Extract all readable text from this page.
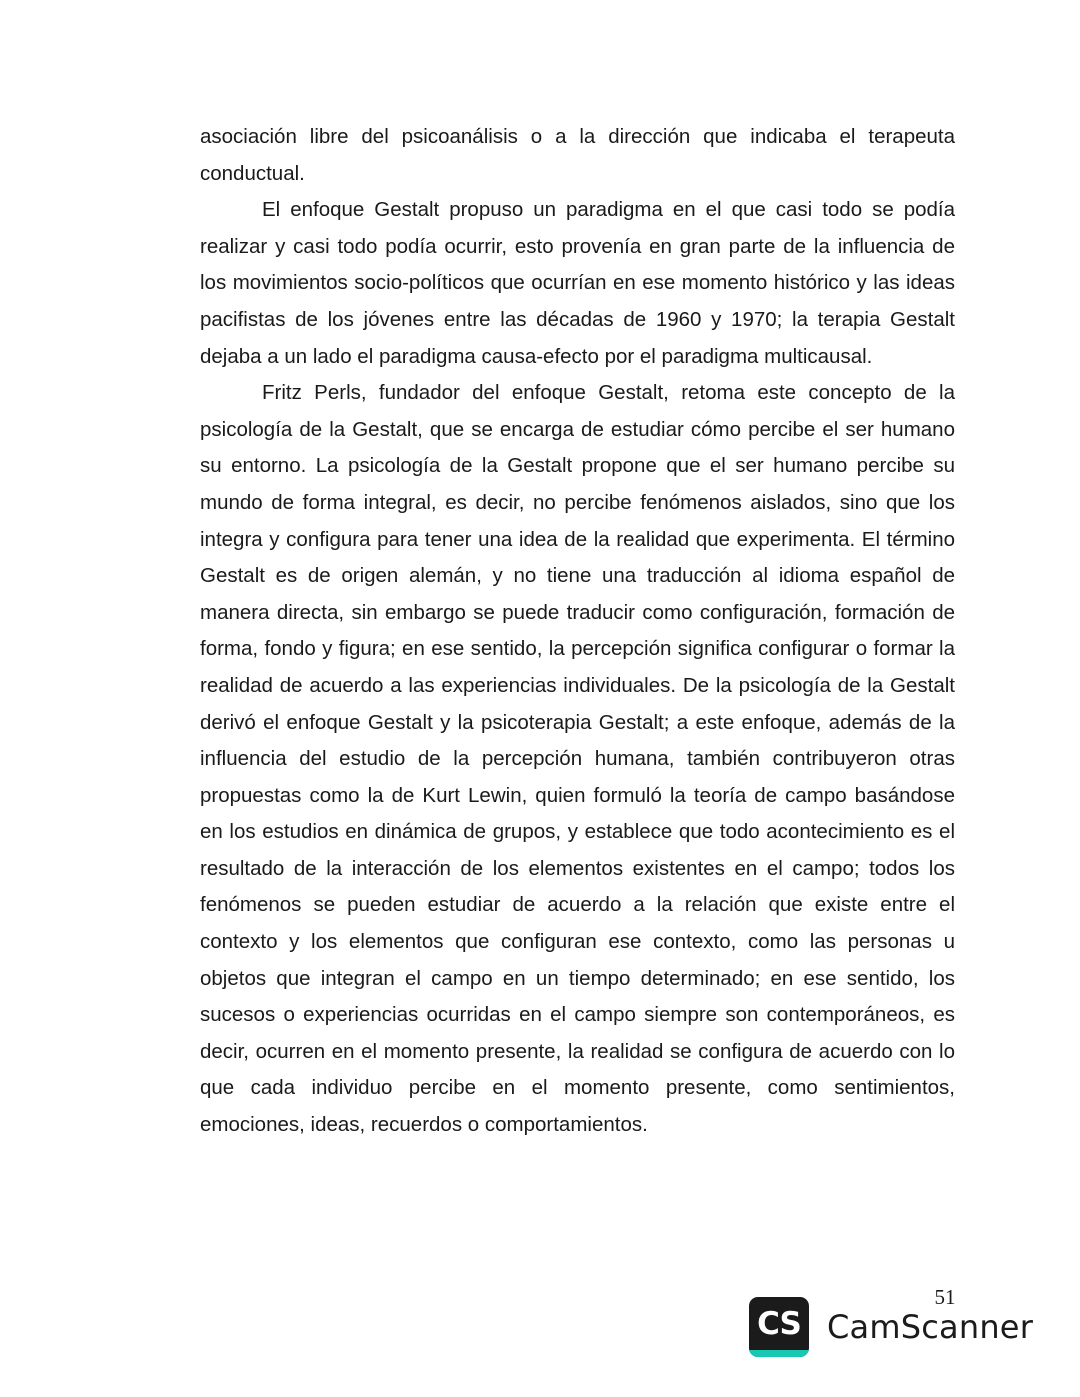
asociación libre del psicoanálisis o a la dirección que indicaba el terapeuta conductual.

El enfoque Gestalt propuso un paradigma en el que casi todo se podía realizar y casi todo podía ocurrir, esto provenía en gran parte de la influencia de los movimientos socio-políticos que ocurrían en ese momento histórico y las ideas pacifistas de los jóvenes entre las décadas de 1960 y 1970; la terapia Gestalt dejaba a un lado el paradigma causa-efecto por el paradigma multicausal.

Fritz Perls, fundador del enfoque Gestalt, retoma este concepto de la psicología de la Gestalt, que se encarga de estudiar cómo percibe el ser humano su entorno. La psicología de la Gestalt propone que el ser humano percibe su mundo de forma integral, es decir, no percibe fenómenos aislados, sino que los integra y configura para tener una idea de la realidad que experimenta. El término Gestalt es de origen alemán, y no tiene una traducción al idioma español de manera directa, sin embargo se puede traducir como configuración, formación de forma, fondo y figura; en ese sentido, la percepción significa configurar o formar la realidad de acuerdo a las experiencias individuales. De la psicología de la Gestalt derivó el enfoque Gestalt y la psicoterapia Gestalt; a este enfoque, además de la influencia del estudio de la percepción humana, también contribuyeron otras propuestas como la de Kurt Lewin, quien formuló la teoría de campo basándose en los estudios en dinámica de grupos, y establece que todo acontecimiento es el resultado de la interacción de los elementos existentes en el campo; todos los fenómenos se pueden estudiar de acuerdo a la relación que existe entre el contexto y los elementos que configuran ese contexto, como las personas u objetos que integran el campo en un tiempo determinado; en ese sentido, los sucesos o experiencias ocurridas en el campo siempre son contemporáneos, es decir, ocurren en el momento presente, la realidad se configura de acuerdo con lo que cada individuo percibe en el momento presente, como sentimientos, emociones, ideas, recuerdos o comportamientos.

51
CS CamScanner
